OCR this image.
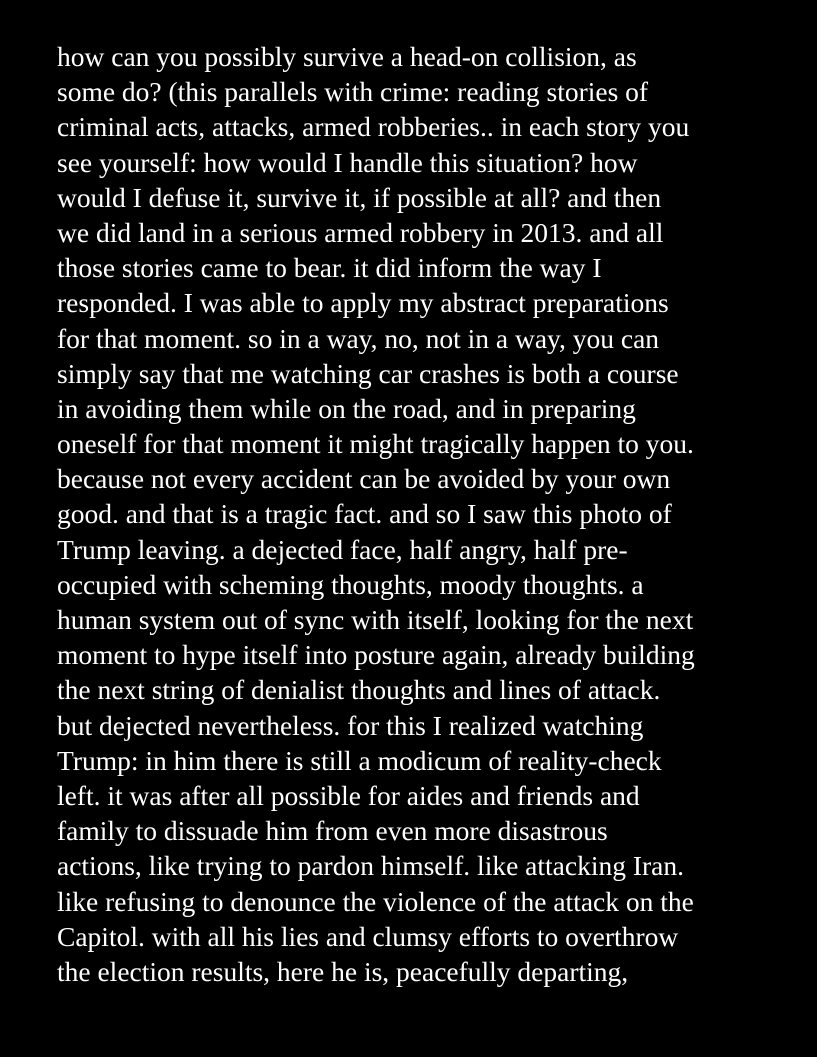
how can you possibly survive a head-on collision, as
some do? (this parallels with crime: reading stories of
criminal acts, attacks, armed robberies.. in each story you
see yourself: how would I handle this situation? how
would I defuse it, survive it, if possible at all? and then
we did land in a serious armed robbery in 2013. and all
those stories came to bear. it did inform the way I
responded. I was able to apply my abstract preparations
for that moment. so in a way, no, not in a way, you can
simply say that me watching car crashes is both a course
in avoiding them while on the road, and in preparing
oneself for that moment it might tragically happen to you.
because not every accident can be avoided by your own
good. and that is a tragic fact. and so I saw this photo of
Trump leaving. a dejected face, half angry, half pre-
occupied with scheming thoughts, moody thoughts. a
human system out of sync with itself, looking for the next
moment to hype itself into posture again, already building
the next string of denialist thoughts and lines of attack.
but dejected nevertheless. for this I realized watching
Trump: in him there is still a modicum of reality-check
left. it was after all possible for aides and friends and
family to dissuade him from even more disastrous
actions, like trying to pardon himself. like attacking Iran.
like refusing to denounce the violence of the attack on the
Capitol. with all his lies and clumsy efforts to overthrow
the election results, here he is, peacefully departing,
